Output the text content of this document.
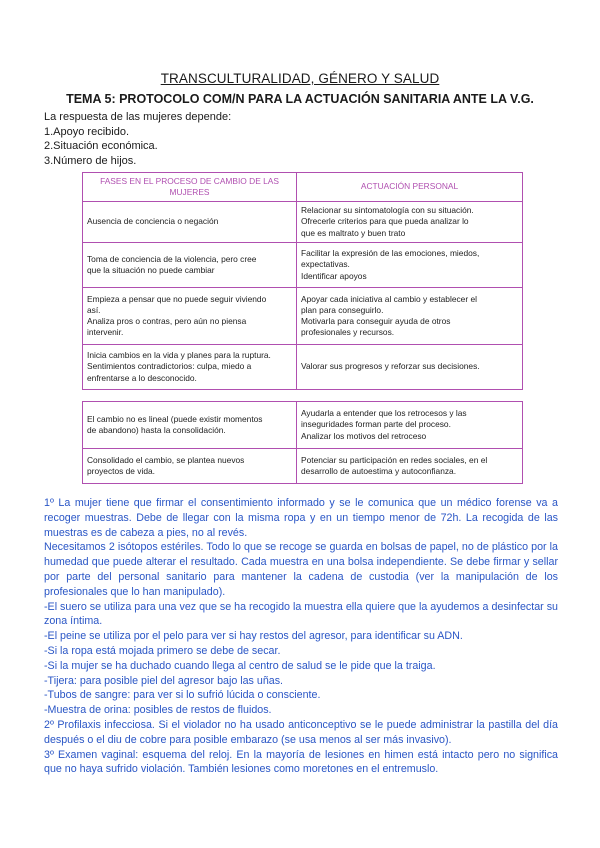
TRANSCULTURALIDAD, GÉNERO Y SALUD
TEMA 5: PROTOCOLO COM/N PARA LA ACTUACIÓN SANITARIA ANTE LA V.G.
La respuesta de las mujeres depende:
1.Apoyo recibido.
2.Situación económica.
3.Número de hijos.
FASES EN EL PROCESO DE CAMBIO DE LAS
MUJERES	ACTUACIÓN PERSONAL

Ausencia de conciencia o negación	Relacionar su sintomatología con su situación.
Ofrecerle criterios para que pueda analizar lo
que es maltrato y buen trato

Toma de conciencia de la violencia, pero cree
que la situación no puede cambiar	Facilitar la expresión de las emociones, miedos,
expectativas.
Identificar apoyos

Empieza a pensar que no puede seguir viviendo
así.
Analiza pros o contras, pero aún no piensa
intervenir.	Apoyar cada iniciativa al cambio y establecer el
plan para conseguirlo.
Motivarla para conseguir ayuda de otros
profesionales y recursos.

Inicia cambios en la vida y planes para la ruptura.
Sentimientos contradictorios: culpa, miedo a
enfrentarse a lo desconocido.	Valorar sus progresos y reforzar sus decisiones.
El cambio no es lineal (puede existir momentos
de abandono) hasta la consolidación.	Ayudarla a entender que los retrocesos y las
inseguridades forman parte del proceso.
Analizar los motivos del retroceso

Consolidado el cambio, se plantea nuevos
proyectos de vida.	Potenciar su participación en redes sociales, en el
desarrollo de autoestima y autoconfianza.

1º La mujer tiene que firmar el consentimiento informado y se le comunica que un médico forense va a recoger muestras. Debe de llegar con la misma ropa y en un tiempo menor de 72h. La recogida de las muestras es de cabeza a pies, no al revés.

Necesitamos 2 isótopos estériles. Todo lo que se recoge se guarda en bolsas de papel, no de plástico por la humedad que puede alterar el resultado. Cada muestra en una bolsa independiente. Se debe firmar y sellar por parte del personal sanitario para mantener la cadena de custodia (ver la manipulación de los profesionales que lo han manipulado).

-El suero se utiliza para una vez que se ha recogido la muestra ella quiere que la ayudemos a desinfectar su zona íntima.

-El peine se utiliza por el pelo para ver si hay restos del agresor, para identificar su ADN.

-Si la ropa está mojada primero se debe de secar.

-Si la mujer se ha duchado cuando llega al centro de salud se le pide que la traiga.

-Tijera: para posible piel del agresor bajo las uñas.

-Tubos de sangre: para ver si lo sufrió lúcida o consciente.

-Muestra de orina: posibles de restos de fluidos.

2º Profilaxis infecciosa. Si el violador no ha usado anticonceptivo se le puede administrar la pastilla del día después o el diu de cobre para posible embarazo (se usa menos al ser más invasivo).

3º Examen vaginal: esquema del reloj. En la mayoría de lesiones en himen está intacto pero no significa que no haya sufrido violación. También lesiones como moretones en el entremuslo.
